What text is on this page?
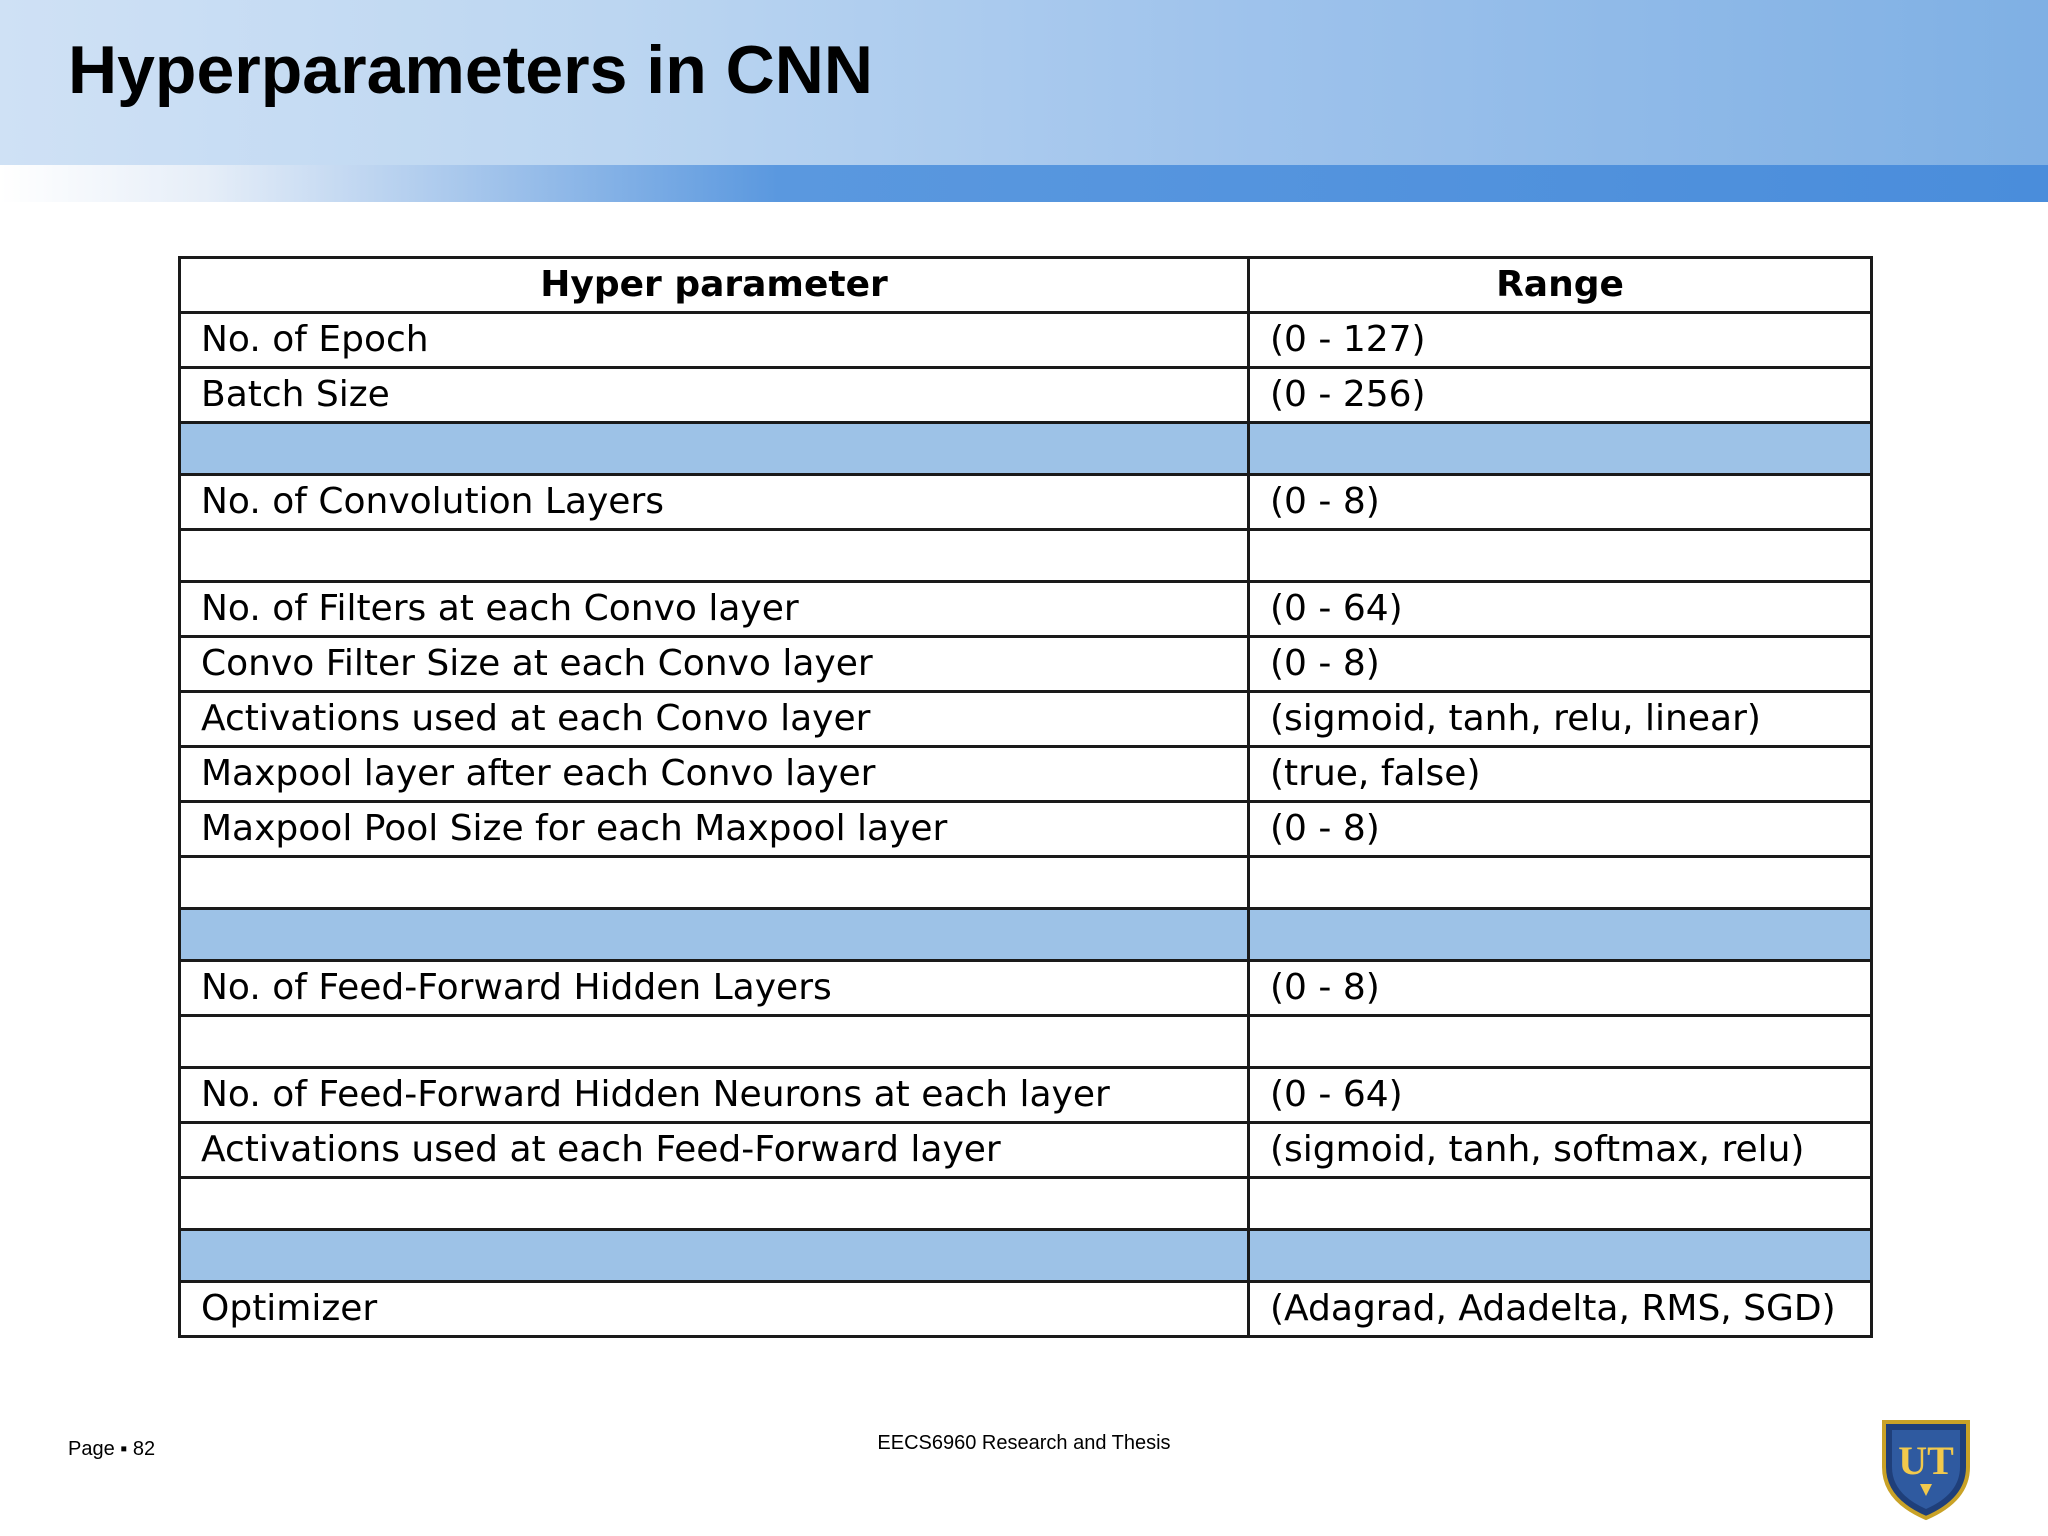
Hyperparameters in CNN
Hyper parameter	Range
No. of Epoch	(0 - 127)
Batch Size	(0 - 256)

No. of Convolution Layers	(0 - 8)

No. of Filters at each Convo layer	(0 - 64)
Convo Filter Size at each Convo layer	(0 - 8)
Activations used at each Convo layer	(sigmoid, tanh, relu, linear)
Maxpool layer after each Convo layer	(true, false)
Maxpool Pool Size for each Maxpool layer	(0 - 8)

No. of Feed-Forward Hidden Layers	(0 - 8)

No. of Feed-Forward Hidden Neurons at each layer	(0 - 64)
Activations used at each Feed-Forward layer	(sigmoid, tanh, softmax, relu)

Optimizer	(Adagrad, Adadelta, RMS, SGD)
Page ▪ 82	EECS6960 Research and Thesis	UT
